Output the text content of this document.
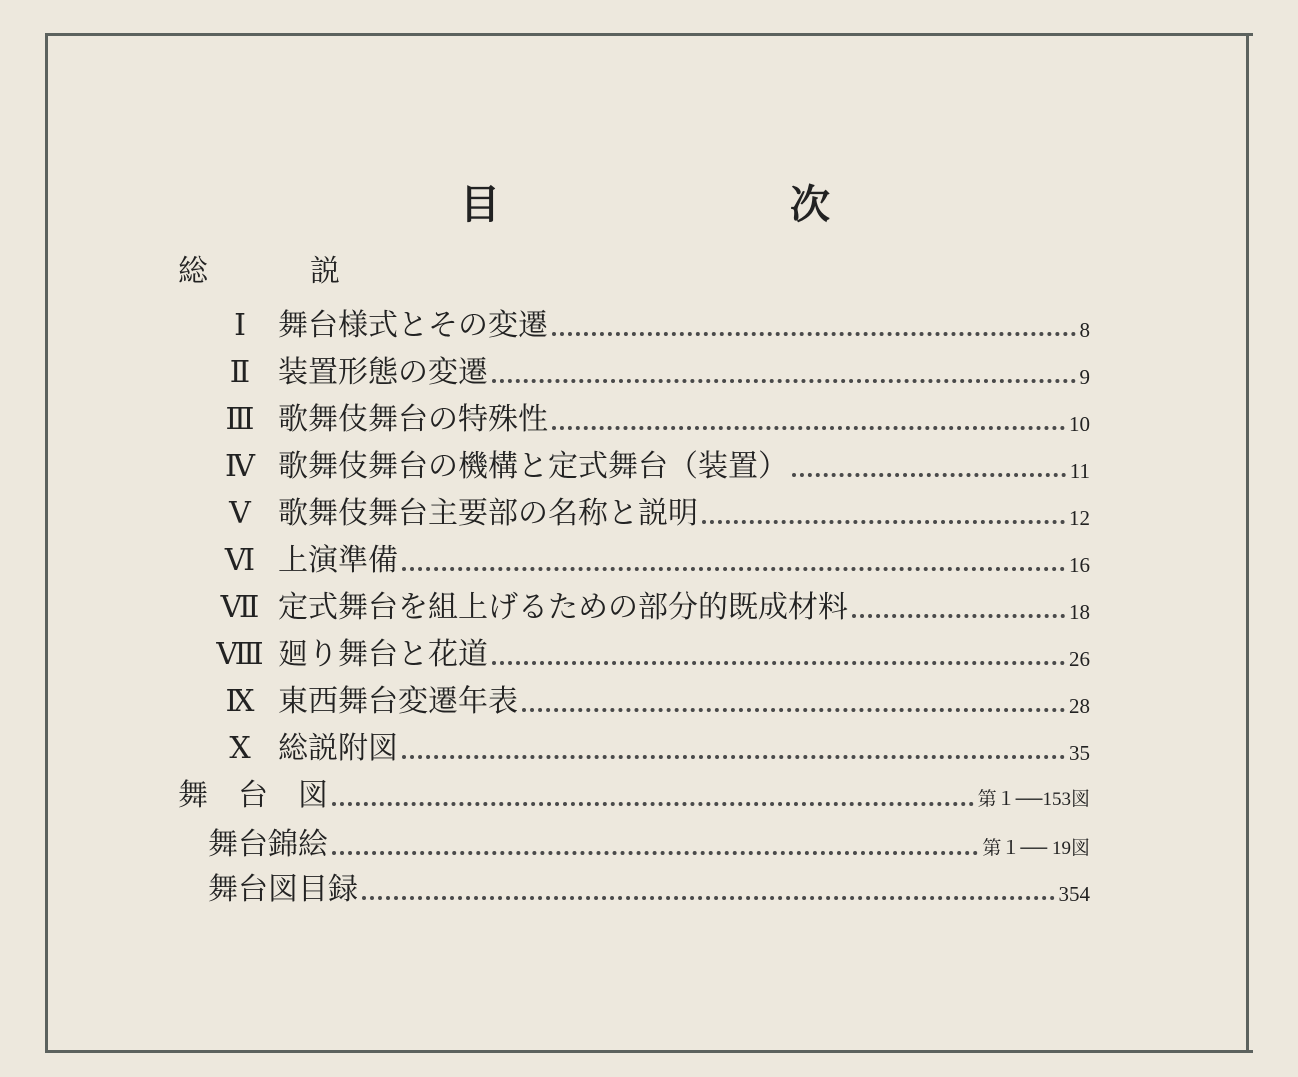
目	次
総	説
Ⅰ	舞台様式とその変遷	8
Ⅱ 装置形態の変遷	9
Ⅲ 歌舞伎舞台の特殊性	10
Ⅳ 歌舞伎舞台の機構と定式舞台（装置）	11
Ⅴ 歌舞伎舞台主要部の名称と説明	12
Ⅵ 上演準備	16
Ⅶ 定式舞台を組上げるための部分的既成材料	18
Ⅷ 廻り舞台と花道	26
Ⅸ 東西舞台変遷年表	28
Ⅹ 総説附図	35
舞 台 図	第１──153図
舞台錦絵	第１── 19図
舞台図目録	354
